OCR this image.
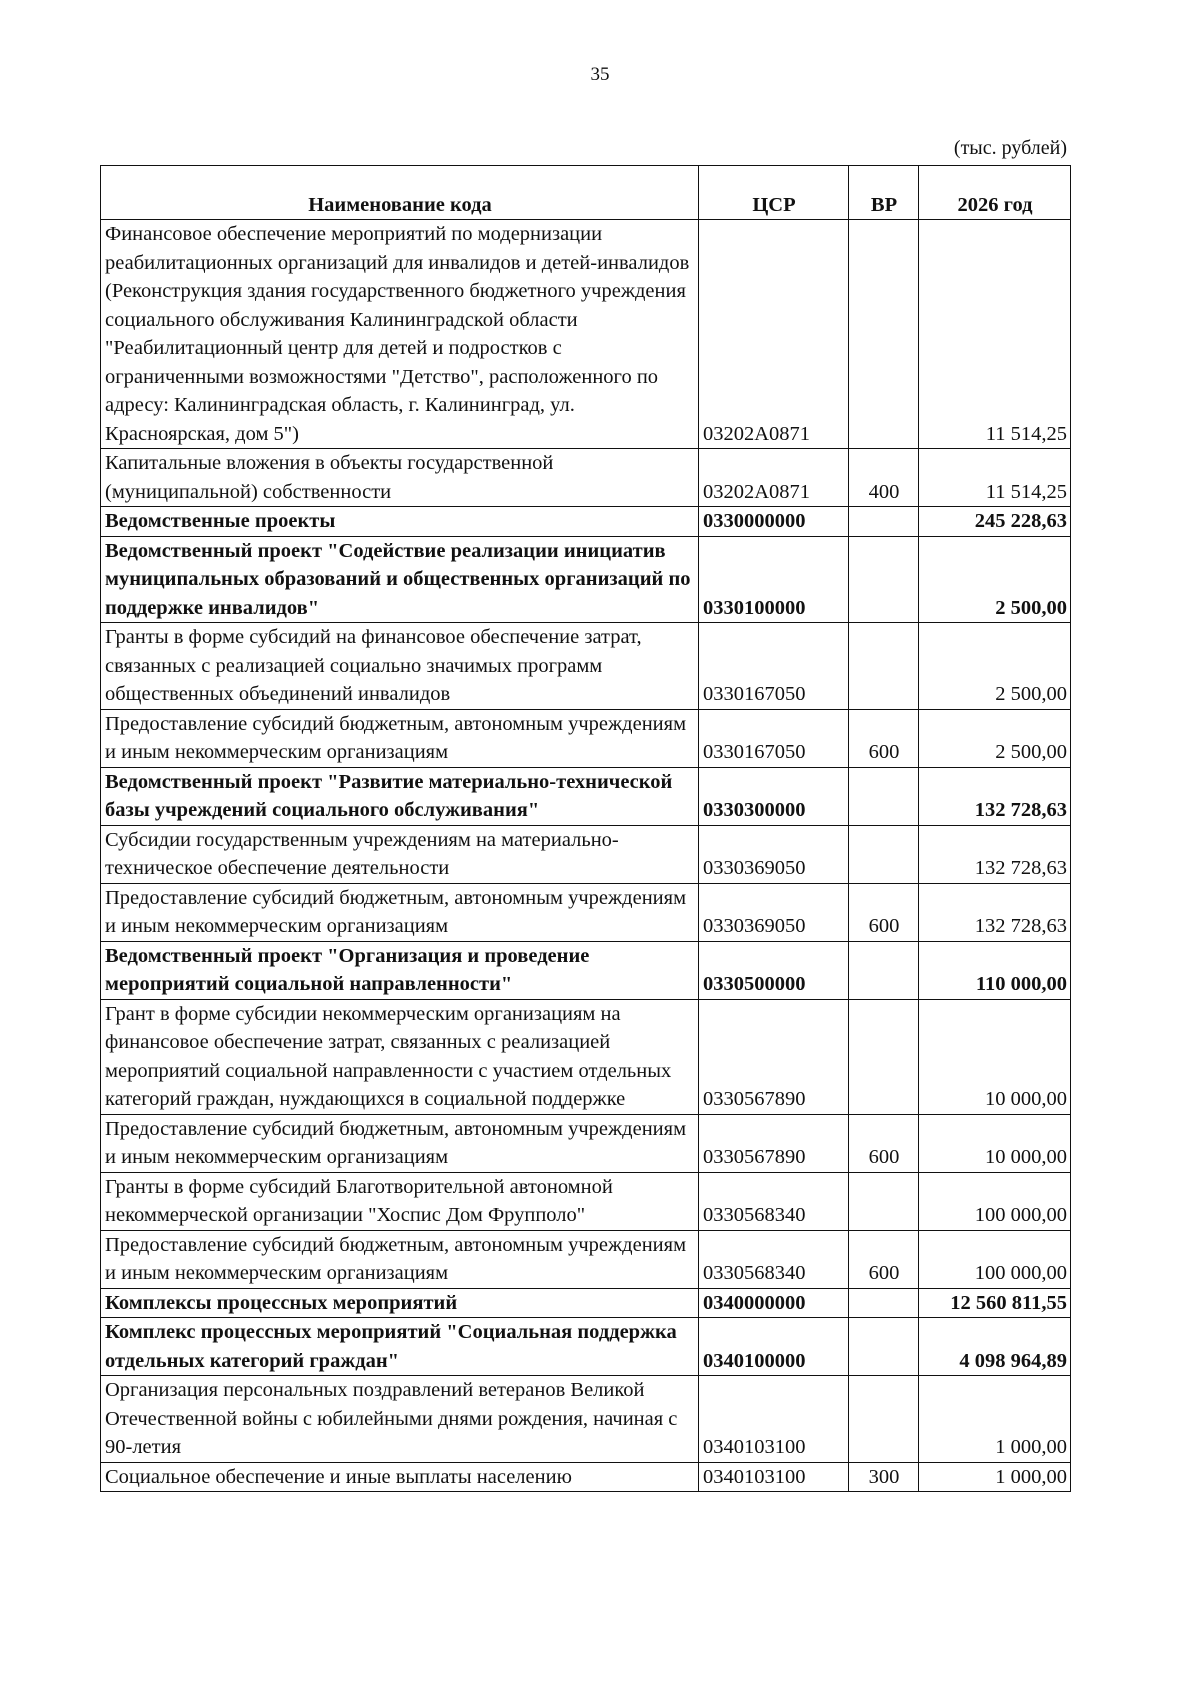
35
(тыс. рублей)
Наименование кода	ЦСР	ВР	2026 год
Финансовое обеспечение мероприятий по модернизации реабилитационных организаций для инвалидов и детей-инвалидов (Реконструкция здания государственного бюджетного учреждения социального обслуживания Калининградской области "Реабилитационный центр для детей и подростков с ограниченными возможностями "Детство", расположенного по адресу: Калининградская область, г. Калининград, ул. Красноярская, дом 5")	03202А0871		11 514,25
Капитальные вложения в объекты государственной (муниципальной) собственности	03202А0871	400	11 514,25
Ведомственные проекты	0330000000		245 228,63
Ведомственный проект "Содействие реализации инициатив муниципальных образований и общественных организаций по поддержке инвалидов"	0330100000		2 500,00
Гранты в форме субсидий на финансовое обеспечение затрат, связанных с реализацией социально значимых программ общественных объединений инвалидов	0330167050		2 500,00
Предоставление субсидий бюджетным, автономным учреждениям и иным некоммерческим организациям	0330167050	600	2 500,00
Ведомственный проект "Развитие материально-технической базы учреждений социального обслуживания"	0330300000		132 728,63
Субсидии государственным учреждениям на материально-техническое обеспечение деятельности	0330369050		132 728,63
Предоставление субсидий бюджетным, автономным учреждениям и иным некоммерческим организациям	0330369050	600	132 728,63
Ведомственный проект "Организация и проведение мероприятий социальной направленности"	0330500000		110 000,00
Грант в форме субсидии некоммерческим организациям на финансовое обеспечение затрат, связанных с реализацией мероприятий социальной направленности с участием отдельных категорий граждан, нуждающихся в социальной поддержке	0330567890		10 000,00
Предоставление субсидий бюджетным, автономным учреждениям и иным некоммерческим организациям	0330567890	600	10 000,00
Гранты в форме субсидий Благотворительной автономной некоммерческой организации "Хоспис Дом Фрупполо"	0330568340		100 000,00
Предоставление субсидий бюджетным, автономным учреждениям и иным некоммерческим организациям	0330568340	600	100 000,00
Комплексы процессных мероприятий	0340000000		12 560 811,55
Комплекс процессных мероприятий "Социальная поддержка отдельных категорий граждан"	0340100000		4 098 964,89
Организация персональных поздравлений ветеранов Великой Отечественной войны с юбилейными днями рождения, начиная с 90-летия	0340103100		1 000,00
Социальное обеспечение и иные выплаты населению	0340103100	300	1 000,00
